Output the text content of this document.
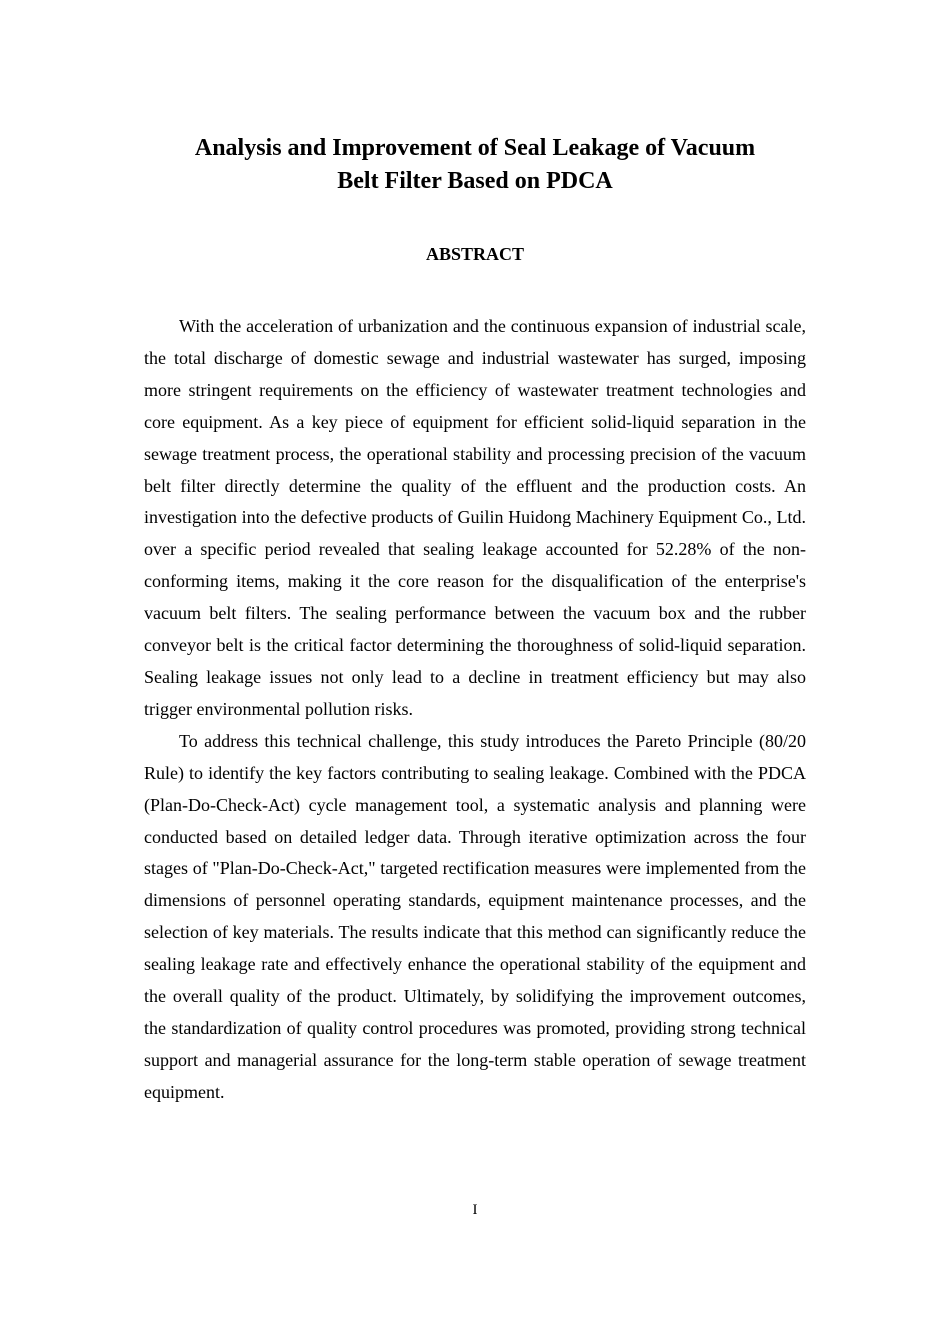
Analysis and Improvement of Seal Leakage of Vacuum
Belt Filter Based on PDCA
ABSTRACT

With the acceleration of urbanization and the continuous expansion of industrial scale, the total discharge of domestic sewage and industrial wastewater has surged, imposing more stringent requirements on the efficiency of wastewater treatment technologies and core equipment. As a key piece of equipment for efficient solid-liquid separation in the sewage treatment process, the operational stability and processing precision of the vacuum belt filter directly determine the quality of the effluent and the production costs. An investigation into the defective products of Guilin Huidong Machinery Equipment Co., Ltd. over a specific period revealed that sealing leakage accounted for 52.28% of the non-conforming items, making it the core reason for the disqualification of the enterprise's vacuum belt filters. The sealing performance between the vacuum box and the rubber conveyor belt is the critical factor determining the thoroughness of solid-liquid separation. Sealing leakage issues not only lead to a decline in treatment efficiency but may also trigger environmental pollution risks.

To address this technical challenge, this study introduces the Pareto Principle (80/20 Rule) to identify the key factors contributing to sealing leakage. Combined with the PDCA (Plan-Do-Check-Act) cycle management tool, a systematic analysis and planning were conducted based on detailed ledger data. Through iterative optimization across the four stages of "Plan-Do-Check-Act," targeted rectification measures were implemented from the dimensions of personnel operating standards, equipment maintenance processes, and the selection of key materials. The results indicate that this method can significantly reduce the sealing leakage rate and effectively enhance the operational stability of the equipment and the overall quality of the product. Ultimately, by solidifying the improvement outcomes, the standardization of quality control procedures was promoted, providing strong technical support and managerial assurance for the long-term stable operation of sewage treatment equipment.

I
